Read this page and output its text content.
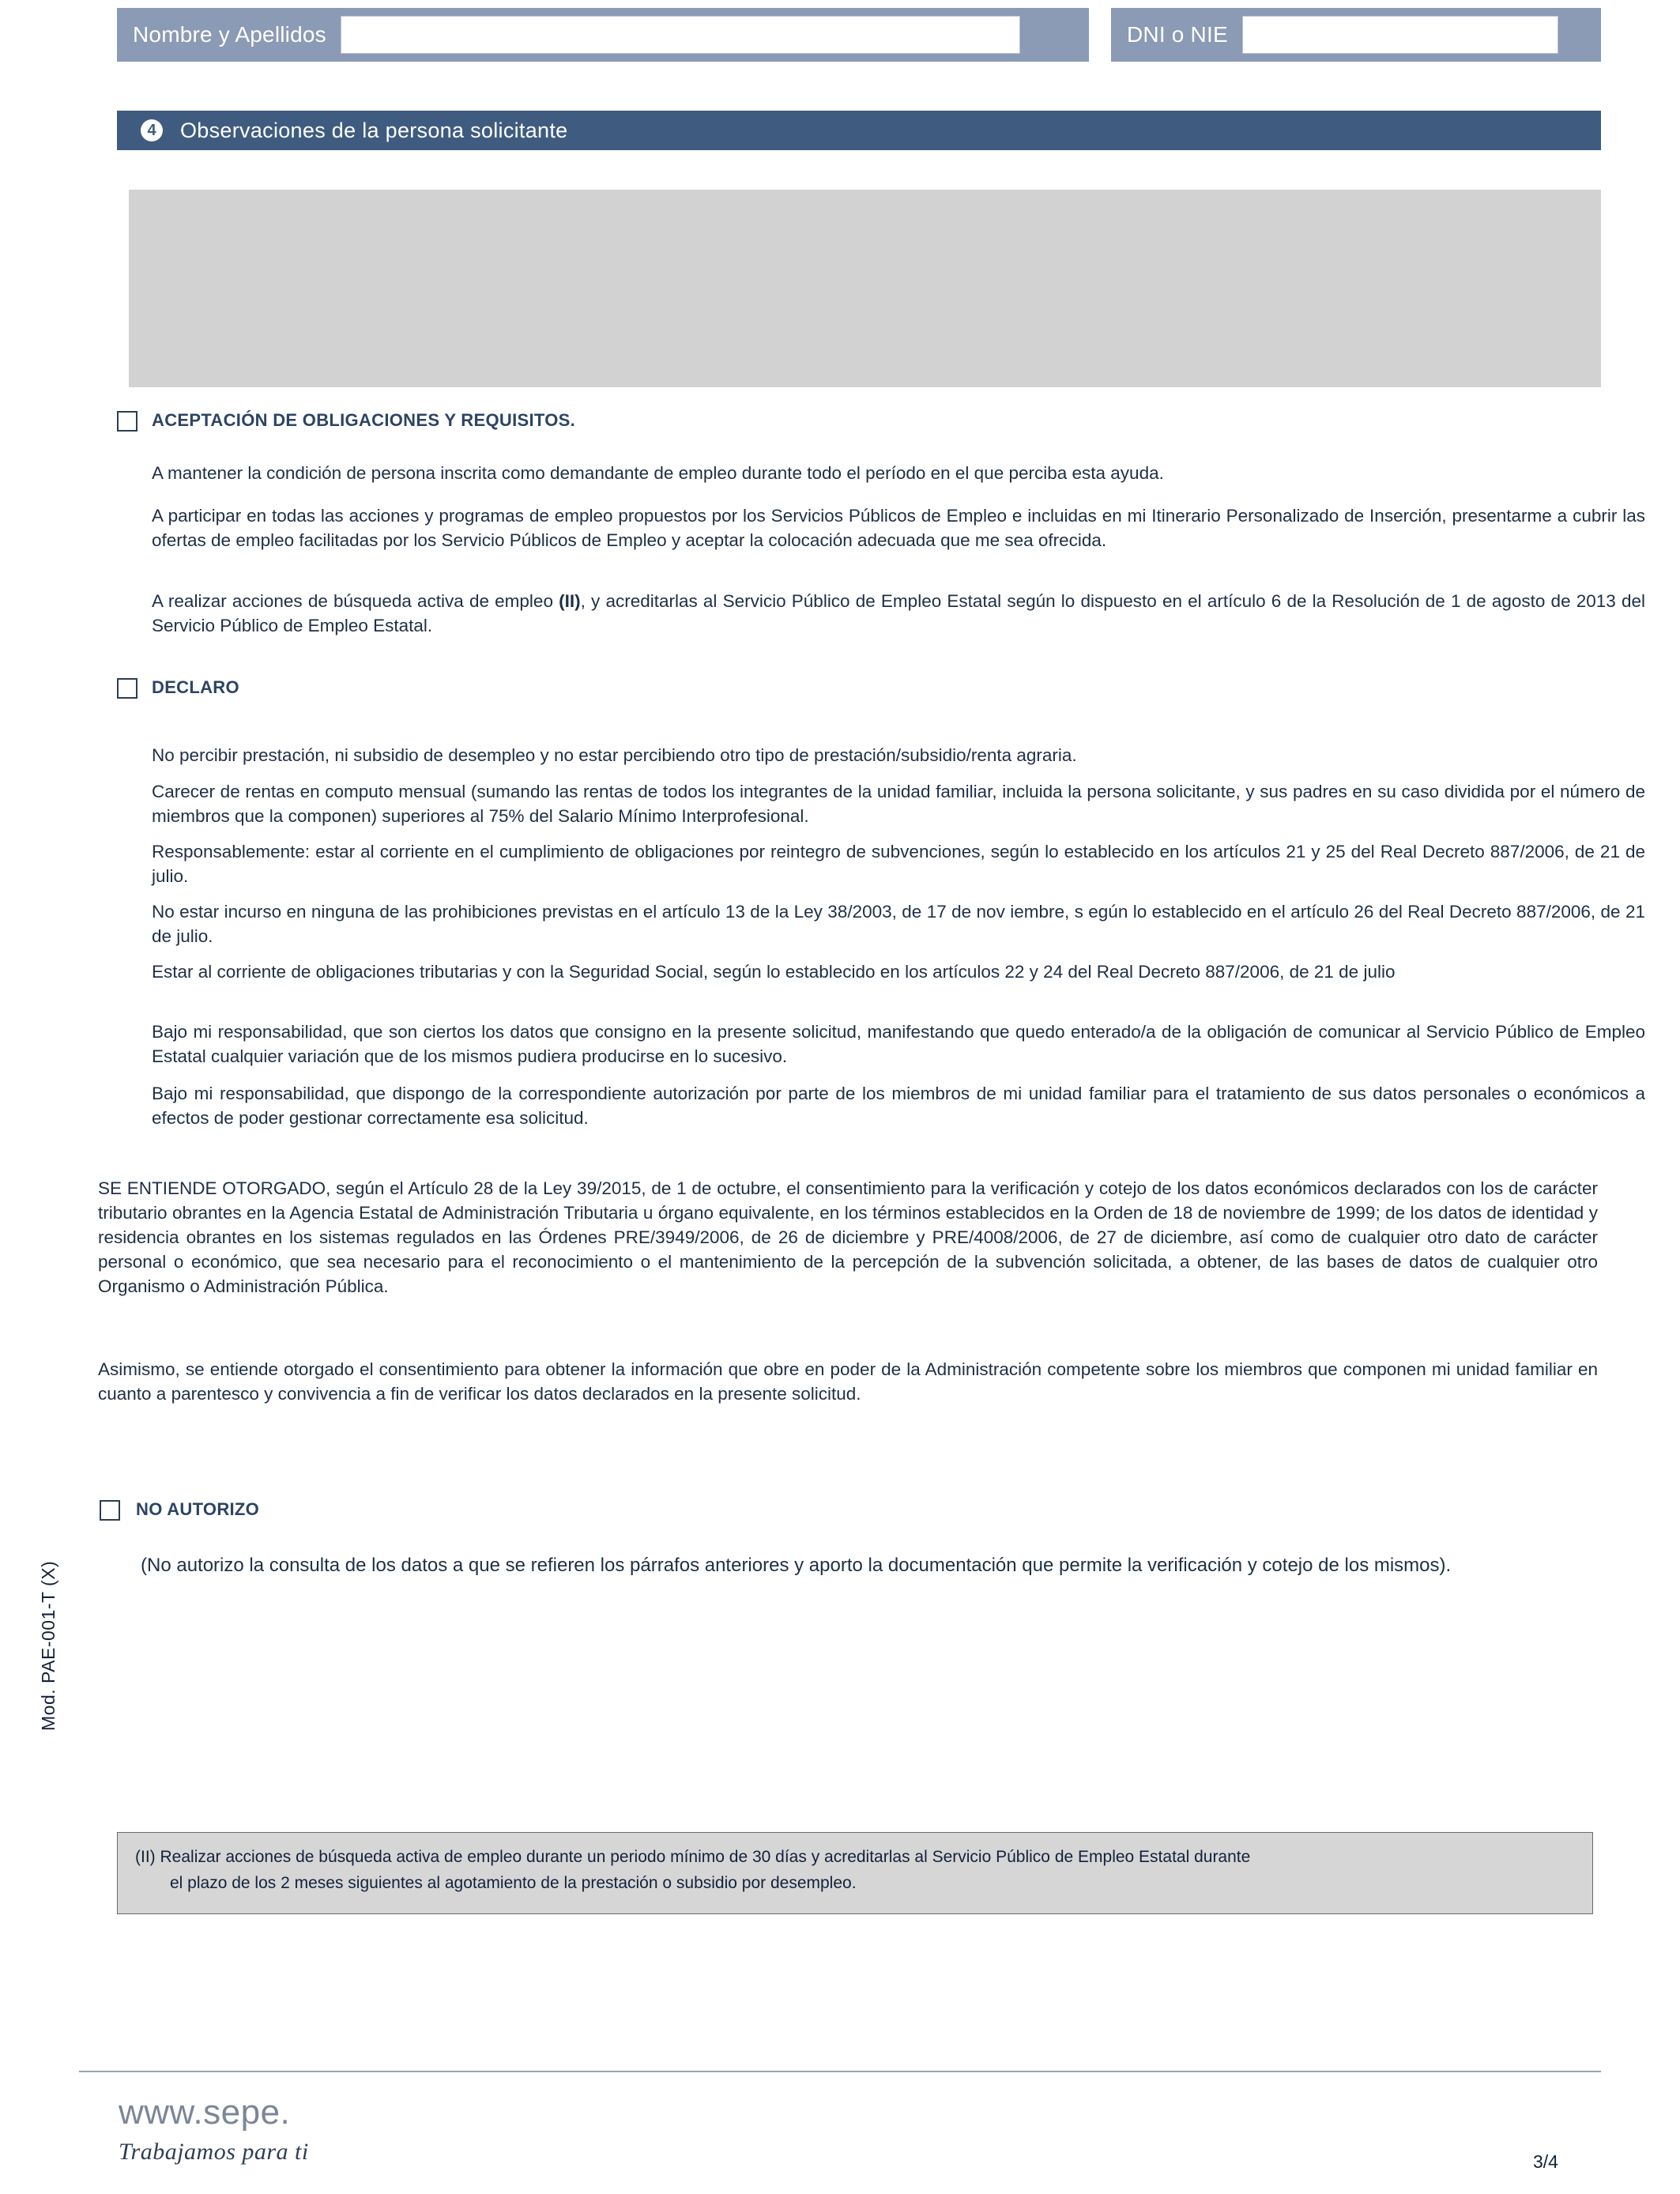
Nombre y Apellidos	DNI o NIE
4	Observaciones de la persona solicitante
ACEPTACIÓN DE OBLIGACIONES Y REQUISITOS.
A mantener la condición de persona inscrita como demandante de empleo durante todo el período en el que perciba esta ayuda.
A participar en todas las acciones y programas de empleo propuestos por los Servicios Públicos de Empleo e incluidas en mi Itinerario Personalizado de Inserción, presentarme a cubrir las ofertas de empleo facilitadas por los Servicio Públicos de Empleo y aceptar la colocación adecuada que me sea ofrecida.
A realizar acciones de búsqueda activa de empleo (II), y acreditarlas al Servicio Público de Empleo Estatal según lo dispuesto en el artículo 6 de la Resolución de 1 de agosto de 2013 del Servicio Público de Empleo Estatal.
DECLARO
No percibir prestación, ni subsidio de desempleo y no estar percibiendo otro tipo de prestación/subsidio/renta agraria.
Carecer de rentas en computo mensual (sumando las rentas de todos los integrantes de la unidad familiar, incluida la persona solicitante, y sus padres en su caso dividida por el número de miembros que la componen) superiores al 75% del Salario Mínimo Interprofesional.
Responsablemente: estar al corriente en el cumplimiento de obligaciones por reintegro de subvenciones, según lo establecido en los artículos 21 y 25 del Real Decreto 887/2006, de 21 de julio.
No estar incurso en ninguna de las prohibiciones previstas en el artículo 13 de la Ley 38/2003, de 17 de nov iembre, s egún lo establecido en el artículo 26 del Real Decreto 887/2006, de 21 de julio.
Estar al corriente de obligaciones tributarias y con la Seguridad Social, según lo establecido en los artículos 22 y 24 del Real Decreto 887/2006, de 21 de julio
Bajo mi responsabilidad, que son ciertos los datos que consigno en la presente solicitud, manifestando que quedo enterado/a de la obligación de comunicar al Servicio Público de Empleo Estatal cualquier variación que de los mismos pudiera producirse en lo sucesivo.
Bajo mi responsabilidad, que dispongo de la correspondiente autorización por parte de los miembros de mi unidad familiar para el tratamiento de sus datos personales o económicos a efectos de poder gestionar correctamente esa solicitud.
SE ENTIENDE OTORGADO, según el Artículo 28 de la Ley 39/2015, de 1 de octubre, el consentimiento para la verificación y cotejo de los datos económicos declarados con los de carácter tributario obrantes en la Agencia Estatal de Administración Tributaria u órgano equivalente, en los términos establecidos en la Orden de 18 de noviembre de 1999; de los datos de identidad y residencia obrantes en los sistemas regulados en las Órdenes PRE/3949/2006, de 26 de diciembre y PRE/4008/2006, de 27 de diciembre, así como de cualquier otro dato de carácter personal o económico, que sea necesario para el reconocimiento o el mantenimiento de la percepción de la subvención solicitada, a obtener, de las bases de datos de cualquier otro Organismo o Administración Pública.
Asimismo, se entiende otorgado el consentimiento para obtener la información que obre en poder de la Administración competente sobre los miembros que componen mi unidad familiar en cuanto a parentesco y convivencia a fin de verificar los datos declarados en la presente solicitud.
NO AUTORIZO
(No autorizo la consulta de los datos a que se refieren los párrafos anteriores y aporto la documentación que permite la verificación y cotejo de los mismos).

(II) Realizar acciones de búsqueda activa de empleo durante un periodo mínimo de 30 días y acreditarlas al Servicio Público de Empleo Estatal durante

el plazo de los 2 meses siguientes al agotamiento de la prestación o subsidio por desempleo.

Mod. PAE-001-T (X)
www.sepe.
Trabajamos para ti	3/4
